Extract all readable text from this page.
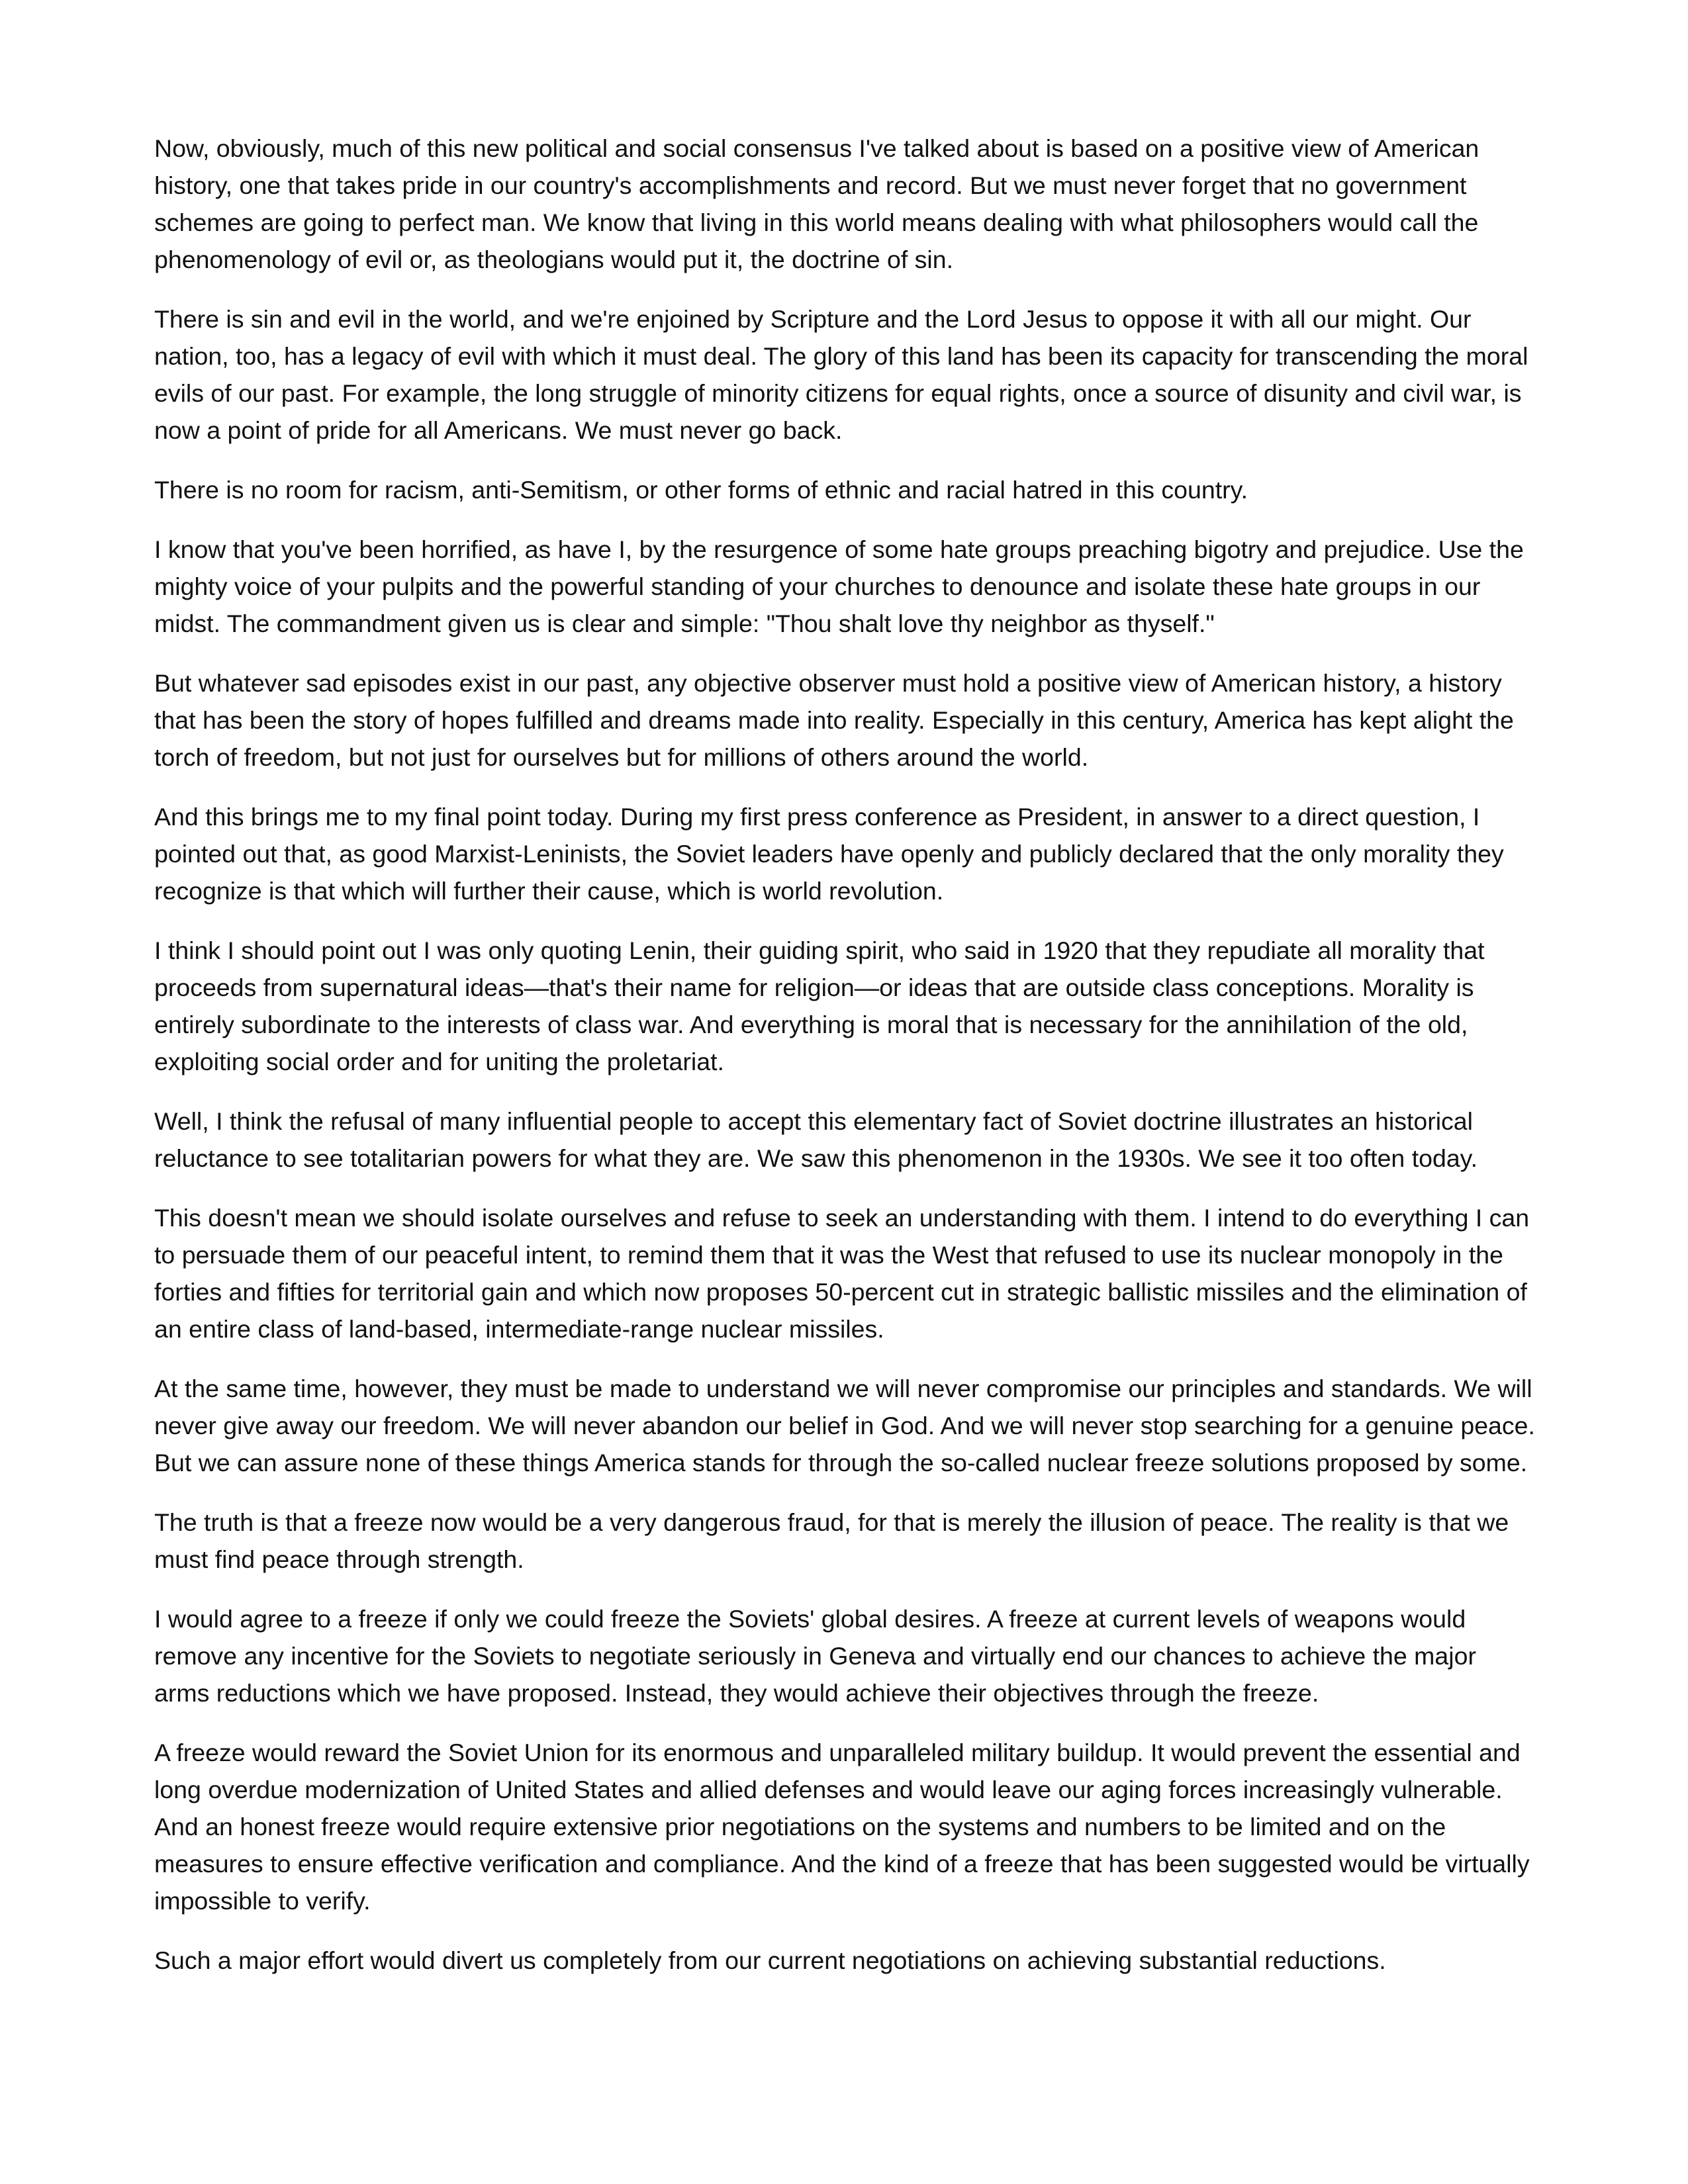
Now, obviously, much of this new political and social consensus I've talked about is based on a positive view of American history, one that takes pride in our country's accomplishments and record. But we must never forget that no government schemes are going to perfect man. We know that living in this world means dealing with what philosophers would call the phenomenology of evil or, as theologians would put it, the doctrine of sin.

There is sin and evil in the world, and we're enjoined by Scripture and the Lord Jesus to oppose it with all our might. Our nation, too, has a legacy of evil with which it must deal. The glory of this land has been its capacity for transcending the moral evils of our past. For example, the long struggle of minority citizens for equal rights, once a source of disunity and civil war, is now a point of pride for all Americans. We must never go back.

There is no room for racism, anti-Semitism, or other forms of ethnic and racial hatred in this country.

I know that you've been horrified, as have I, by the resurgence of some hate groups preaching bigotry and prejudice. Use the mighty voice of your pulpits and the powerful standing of your churches to denounce and isolate these hate groups in our midst. The commandment given us is clear and simple: "Thou shalt love thy neighbor as thyself."

But whatever sad episodes exist in our past, any objective observer must hold a positive view of American history, a history that has been the story of hopes fulfilled and dreams made into reality. Especially in this century, America has kept alight the torch of freedom, but not just for ourselves but for millions of others around the world.

And this brings me to my final point today. During my first press conference as President, in answer to a direct question, I pointed out that, as good Marxist-Leninists, the Soviet leaders have openly and publicly declared that the only morality they recognize is that which will further their cause, which is world revolution.

I think I should point out I was only quoting Lenin, their guiding spirit, who said in 1920 that they repudiate all morality that proceeds from supernatural ideas—that's their name for religion—or ideas that are outside class conceptions. Morality is entirely subordinate to the interests of class war. And everything is moral that is necessary for the annihilation of the old, exploiting social order and for uniting the proletariat.

Well, I think the refusal of many influential people to accept this elementary fact of Soviet doctrine illustrates an historical reluctance to see totalitarian powers for what they are. We saw this phenomenon in the 1930s. We see it too often today.

This doesn't mean we should isolate ourselves and refuse to seek an understanding with them. I intend to do everything I can to persuade them of our peaceful intent, to remind them that it was the West that refused to use its nuclear monopoly in the forties and fifties for territorial gain and which now proposes 50-percent cut in strategic ballistic missiles and the elimination of an entire class of land-based, intermediate-range nuclear missiles.

At the same time, however, they must be made to understand we will never compromise our principles and standards. We will never give away our freedom. We will never abandon our belief in God. And we will never stop searching for a genuine peace. But we can assure none of these things America stands for through the so-called nuclear freeze solutions proposed by some.

The truth is that a freeze now would be a very dangerous fraud, for that is merely the illusion of peace. The reality is that we must find peace through strength.

I would agree to a freeze if only we could freeze the Soviets' global desires. A freeze at current levels of weapons would remove any incentive for the Soviets to negotiate seriously in Geneva and virtually end our chances to achieve the major arms reductions which we have proposed. Instead, they would achieve their objectives through the freeze.

A freeze would reward the Soviet Union for its enormous and unparalleled military buildup. It would prevent the essential and long overdue modernization of United States and allied defenses and would leave our aging forces increasingly vulnerable. And an honest freeze would require extensive prior negotiations on the systems and numbers to be limited and on the measures to ensure effective verification and compliance. And the kind of a freeze that has been suggested would be virtually impossible to verify.

Such a major effort would divert us completely from our current negotiations on achieving substantial reductions.
